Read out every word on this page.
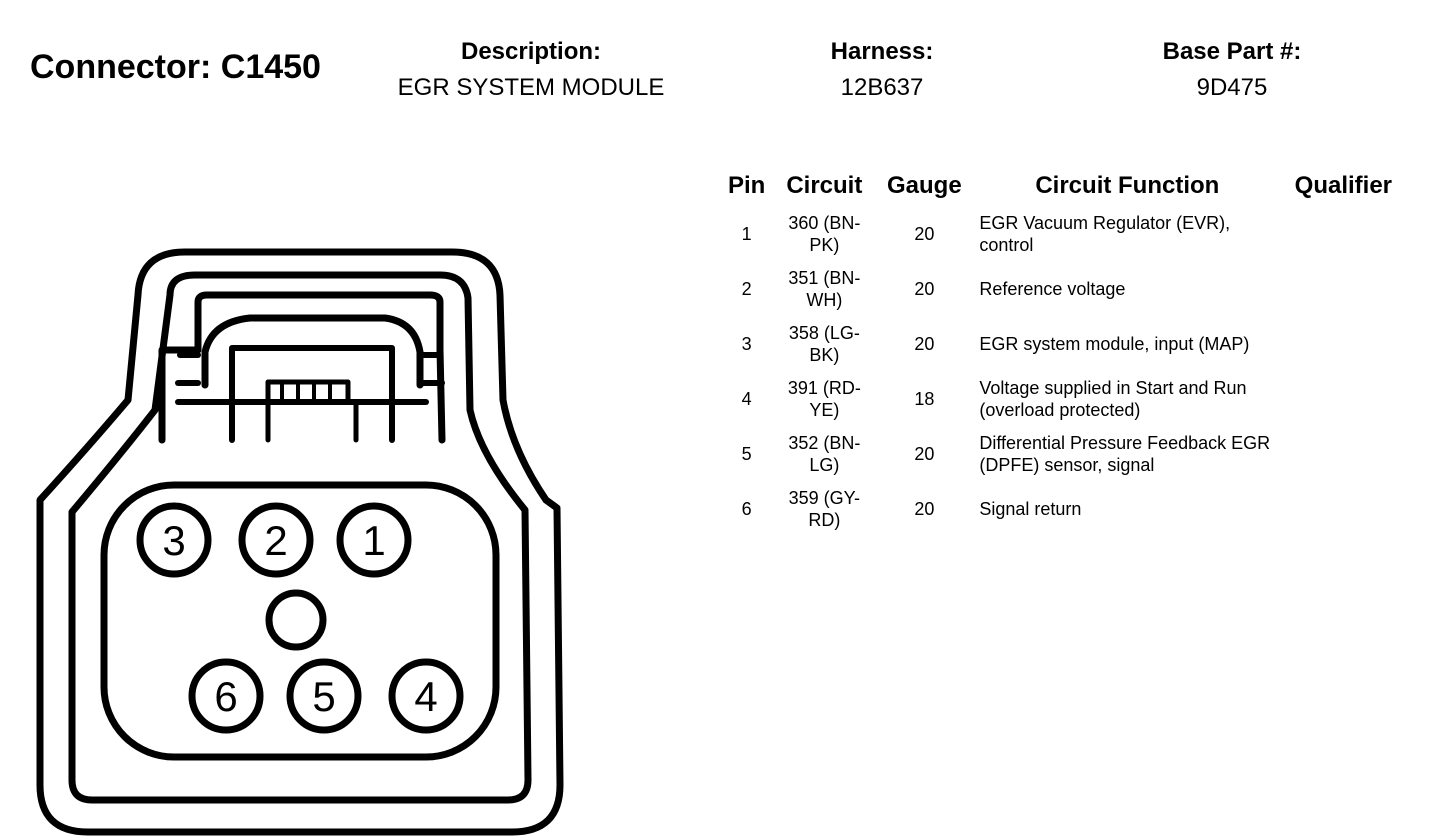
Connector: C1450	Description:
EGR SYSTEM MODULE
Harness:
12B637
Base Part #:
9D475
Pin	Circuit	Gauge	Circuit Function	Qualifier
1	360 (BN-
PK)	20	EGR Vacuum Regulator (EVR), control	
2	351 (BN-
WH)	20	Reference voltage	
3	358 (LG-
BK)	20	EGR system module, input (MAP)	
4	391 (RD-
YE)	18	Voltage supplied in Start and Run (overload protected)	
5	352 (BN-
LG)	20	Differential Pressure Feedback EGR (DPFE) sensor, signal	
6	359 (GY-
RD)	20	Signal return	
3 2 1
6 5 4
